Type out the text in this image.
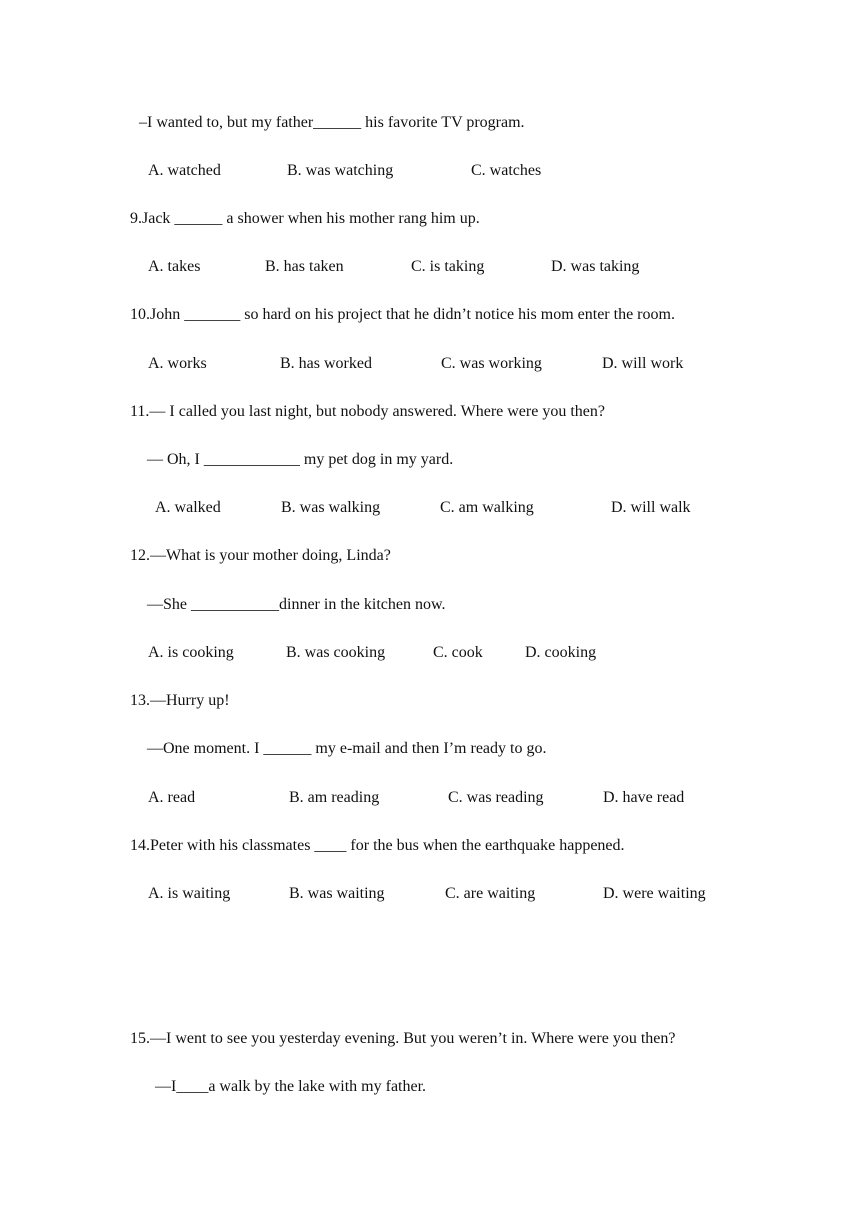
–I wanted to, but my father______ his favorite TV program.
A. watched	B. was watching	C. watches
9.Jack ______ a shower when his mother rang him up.
A. takes	B. has taken	C. is taking	D. was taking
10.John _______ so hard on his project that he didn’t notice his mom enter the room.
A. works	B. has worked	C. was working	D. will work
11.— I called you last night, but nobody answered. Where were you then?
— Oh, I ____________ my pet dog in my yard.
A. walked	B. was walking	C. am walking	D. will walk
12.—What is your mother doing, Linda?
—She ___________dinner in the kitchen now.
A. is cooking	B. was cooking	C. cook	D. cooking
13.—Hurry up!
—One moment. I ______ my e-mail and then I’m ready to go.
A. read	B. am reading	C. was reading	D. have read
14.Peter with his classmates ____ for the bus when the earthquake happened.
A. is waiting	B. was waiting	C. are waiting	D. were waiting
15.—I went to see you yesterday evening. But you weren’t in. Where were you then?
—I____a walk by the lake with my father.
